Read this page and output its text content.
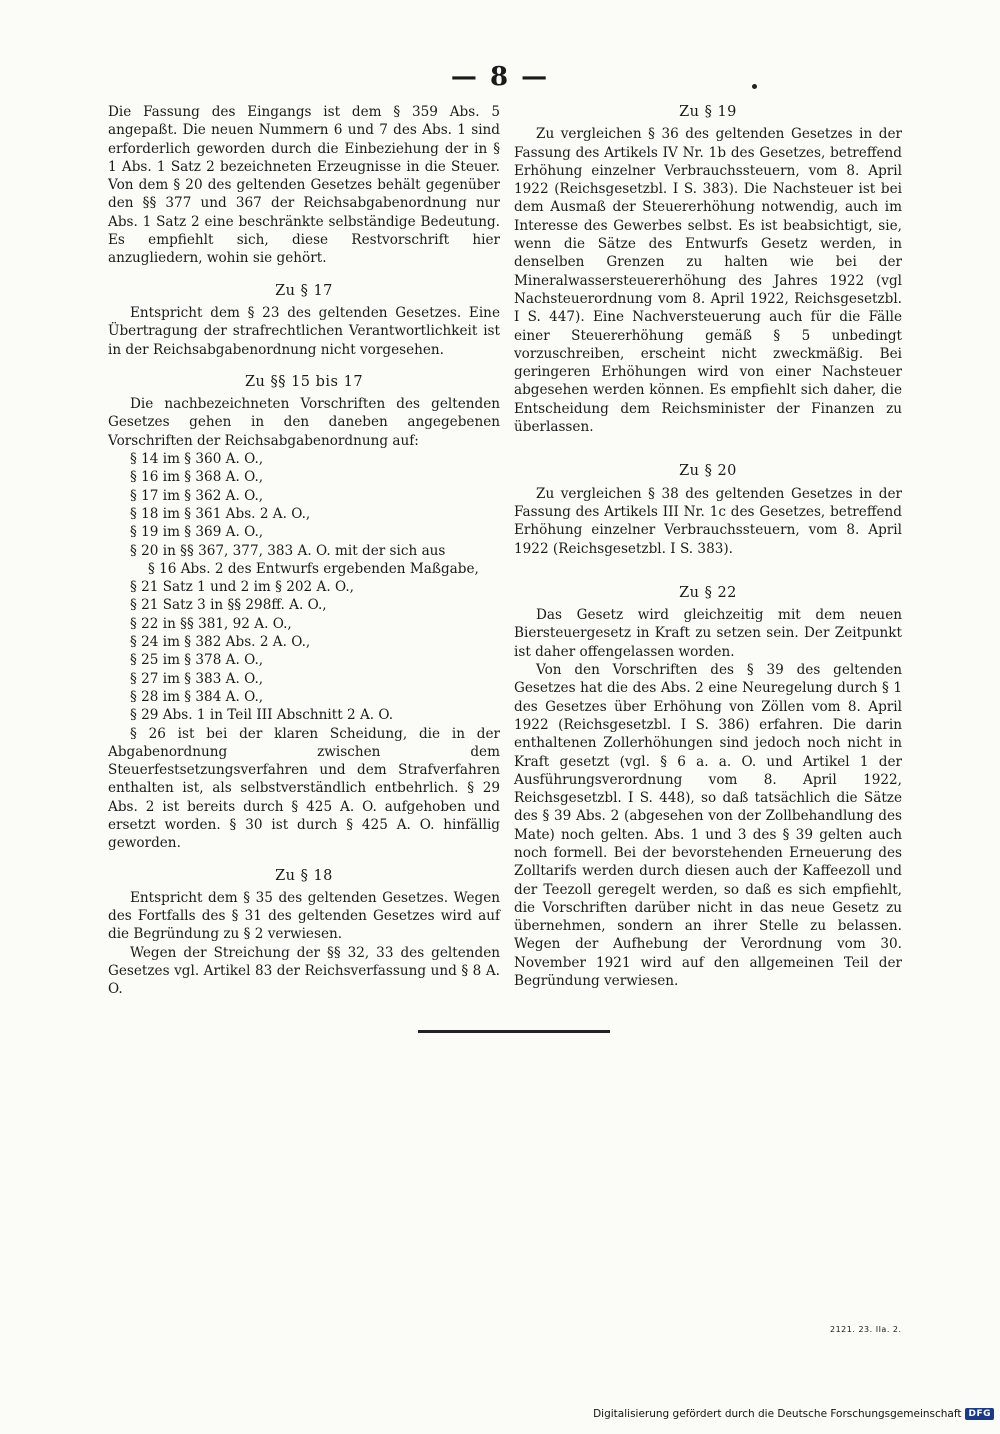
— 8 —

Die Fassung des Eingangs ist dem § 359 Abs. 5 angepaßt. Die neuen Nummern 6 und 7 des Abs. 1 sind erforderlich geworden durch die Einbeziehung der in § 1 Abs. 1 Satz 2 bezeichneten Erzeugnisse in die Steuer. Von dem § 20 des geltenden Gesetzes behält gegenüber den §§ 377 und 367 der Reichsabgabenordnung nur Abs. 1 Satz 2 eine beschränkte selbständige Bedeutung. Es empfiehlt sich, diese Restvorschrift hier anzugliedern, wohin sie gehört.

Zu § 17

Entspricht dem § 23 des geltenden Gesetzes. Eine Übertragung der strafrechtlichen Verantwortlichkeit ist in der Reichsabgabenordnung nicht vorgesehen.

Zu §§ 15 bis 17

Die nachbezeichneten Vorschriften des geltenden Gesetzes gehen in den daneben angegebenen Vorschriften der Reichsabgabenordnung auf:

§ 14 im § 360 A. O.,
§ 16 im § 368 A. O.,
§ 17 im § 362 A. O.,
§ 18 im § 361 Abs. 2 A. O.,
§ 19 im § 369 A. O.,
§ 20 in §§ 367, 377, 383 A. O. mit der sich aus
§ 16 Abs. 2 des Entwurfs ergebenden Maßgabe,
§ 21 Satz 1 und 2 im § 202 A. O.,
§ 21 Satz 3 in §§ 298ff. A. O.,
§ 22 in §§ 381, 92 A. O.,
§ 24 im § 382 Abs. 2 A. O.,
§ 25 im § 378 A. O.,
§ 27 im § 383 A. O.,
§ 28 im § 384 A. O.,
§ 29 Abs. 1 in Teil III Abschnitt 2 A. O.

§ 26 ist bei der klaren Scheidung, die in der Abgabenordnung zwischen dem Steuerfestsetzungsverfahren und dem Strafverfahren enthalten ist, als selbstverständlich entbehrlich. § 29 Abs. 2 ist bereits durch § 425 A. O. aufgehoben und ersetzt worden. § 30 ist durch § 425 A. O. hinfällig geworden.

Zu § 18

Entspricht dem § 35 des geltenden Gesetzes. Wegen des Fortfalls des § 31 des geltenden Gesetzes wird auf die Begründung zu § 2 verwiesen.

Wegen der Streichung der §§ 32, 33 des geltenden Gesetzes vgl. Artikel 83 der Reichsverfassung und § 8 A. O.

Zu § 19

Zu vergleichen § 36 des geltenden Gesetzes in der Fassung des Artikels IV Nr. 1b des Gesetzes, betreffend Erhöhung einzelner Verbrauchssteuern, vom 8. April 1922 (Reichsgesetzbl. I S. 383). Die Nachsteuer ist bei dem Ausmaß der Steuererhöhung notwendig, auch im Interesse des Gewerbes selbst. Es ist beabsichtigt, sie, wenn die Sätze des Entwurfs Gesetz werden, in denselben Grenzen zu halten wie bei der Mineralwassersteuererhöhung des Jahres 1922 (vgl Nachsteuerordnung vom 8. April 1922, Reichsgesetzbl. I S. 447). Eine Nachversteuerung auch für die Fälle einer Steuererhöhung gemäß § 5 unbedingt vorzuschreiben, erscheint nicht zweckmäßig. Bei geringeren Erhöhungen wird von einer Nachsteuer abgesehen werden können. Es empfiehlt sich daher, die Entscheidung dem Reichsminister der Finanzen zu überlassen.

Zu § 20

Zu vergleichen § 38 des geltenden Gesetzes in der Fassung des Artikels III Nr. 1c des Gesetzes, betreffend Erhöhung einzelner Verbrauchssteuern, vom 8. April 1922 (Reichsgesetzbl. I S. 383).

Zu § 22

Das Gesetz wird gleichzeitig mit dem neuen Biersteuergesetz in Kraft zu setzen sein. Der Zeitpunkt ist daher offengelassen worden.

Von den Vorschriften des § 39 des geltenden Gesetzes hat die des Abs. 2 eine Neuregelung durch § 1 des Gesetzes über Erhöhung von Zöllen vom 8. April 1922 (Reichsgesetzbl. I S. 386) erfahren. Die darin enthaltenen Zollerhöhungen sind jedoch noch nicht in Kraft gesetzt (vgl. § 6 a. a. O. und Artikel 1 der Ausführungsverordnung vom 8. April 1922, Reichsgesetzbl. I S. 448), so daß tatsächlich die Sätze des § 39 Abs. 2 (abgesehen von der Zollbehandlung des Mate) noch gelten. Abs. 1 und 3 des § 39 gelten auch noch formell. Bei der bevorstehenden Erneuerung des Zolltarifs werden durch diesen auch der Kaffeezoll und der Teezoll geregelt werden, so daß es sich empfiehlt, die Vorschriften darüber nicht in das neue Gesetz zu übernehmen, sondern an ihrer Stelle zu belassen. Wegen der Aufhebung der Verordnung vom 30. November 1921 wird auf den allgemeinen Teil der Begründung verwiesen.

2121. 23. IIa. 2.
Digitalisierung gefördert durch die Deutsche Forschungsgemeinschaft DFG
